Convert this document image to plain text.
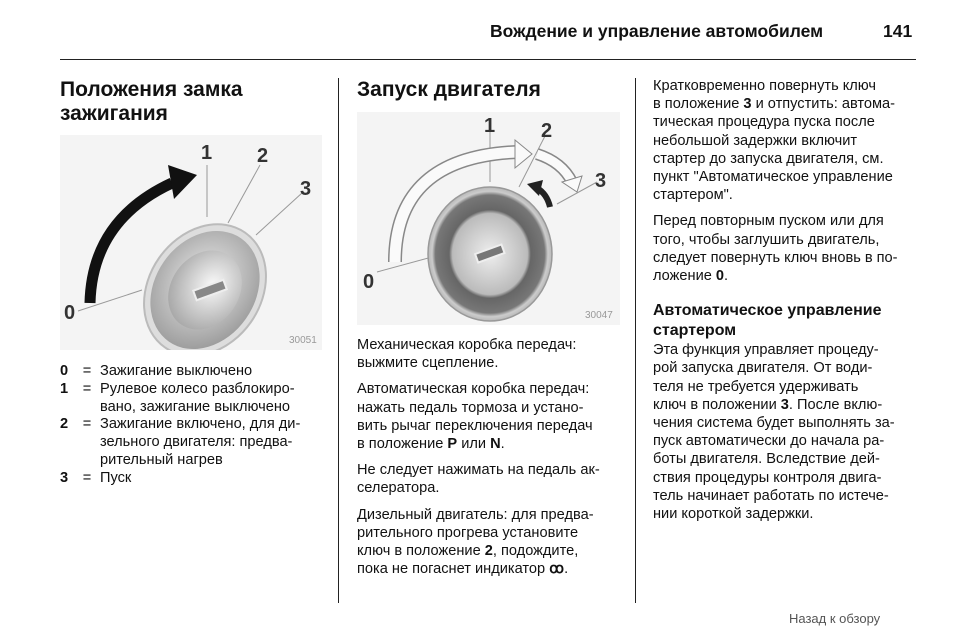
Вождение и управление автомобилем	141
Положения замка
зажигания
0
1 2
3
30051
0	= Зажигание выключено
1	= Рулевое колесо разблокиро-
вано, зажигание выключено
2	= Зажигание включено, для ди-
зельного двигателя: предва-
рительный нагрев
3	= Пуск
Запуск двигателя
0
1 2
3
30047
Механическая коробка передач:
выжмите сцепление.
Автоматическая коробка передач:
нажать педаль тормоза и устано-
вить рычаг переключения передач
в положение P или N.
Не следует нажимать на педаль ак-
селератора.
Дизельный двигатель: для предва-
рительного прогрева установите
ключ в положение 2, подождите,
пока не погаснет индикатор ꝏ.
Кратковременно повернуть ключ
в положение 3 и отпустить: автома-
тическая процедура пуска после
небольшой задержки включит
стартер до запуска двигателя, см.
пункт "Автоматическое управление
стартером".
Перед повторным пуском или для
того, чтобы заглушить двигатель,
следует повернуть ключ вновь в по-
ложение 0.
Автоматическое управление
стартером
Эта функция управляет процеду-
рой запуска двигателя. От води-
теля не требуется удерживать
ключ в положении 3. После вклю-
чения система будет выполнять за-
пуск автоматически до начала ра-
боты двигателя. Вследствие дей-
ствия процедуры контроля двига-
тель начинает работать по истече-
нии короткой задержки.
Назад к обзору
